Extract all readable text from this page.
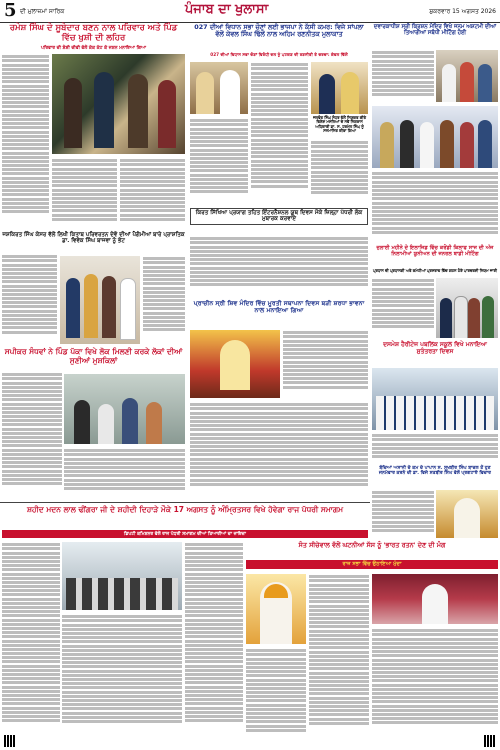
5 ਦੀ ਮੁਲਾਜ਼ਮਾਂ ਸਾਰਿਕ	ਪੰਜਾਬ ਦਾ ਖੁਲਾਸਾ	ਸ਼ੁਕਰਵਾਰ 15 ਅਗਸਤ 2026
ਰਮੇਸ਼ ਸਿੰਘ ਦੇ ਸੂਬੇਦਾਰ ਬਣਨ ਨਾਲ ਪਰਿਵਾਰ ਅਤੇ ਪਿੰਡ ਵਿੱਚ ਖੁਸ਼ੀ ਦੀ ਲਹਿਰ
ਪਰਿਵਾਰ ਦੀ ਸ਼ੋਸ਼ੀ ਦੀਵੀ ਵੱਲੋਂ ਕੇਕ ਕੱਟ ਕੇ ਜਸ਼ਨ ਮਨਾਇਆ ਗਿਆ
ਜਸ਼ਕਿਰਤ ਸਿੰਘ ਕੇਸਰ ਵੱਲੋਂ ਲਿਖੀ ਕਿਤਾਬ ਪਰਿਵਰਤਨ ਦੇਵੋ ਦੀਆਂ ਪੈਗੰਮੀਆਂ ਬਾਰੇ ਪ੍ਰਾਸ਼ਤਿਕ ਡਾ. ਵਿਵੇਕ ਸਿੰਘ ਬਾਜਵਾ ਨੂੰ ਭੇਟ
ਸਪੀਕਰ ਸੰਧਵਾਂ ਨੇ ਪਿੰਡ ਪੱਕਾ ਵਿਖੇ ਲੋਕ ਮਿਲਣੀ ਕਰਕੇ ਲੋਕਾਂ ਦੀਆਂ ਸੁਣੀਆਂ ਮੁਸ਼ਕਿਲਾਂ
027 ਦੀਆਂ ਵਿਧਾਨ ਸਭਾ ਚੋਣਾਂ ਲਈ ਭਾਜਪਾ ਨੇ ਕੱਸੀ ਕਮਰ: ਵਿਜੇ ਸਾਂਪਲਾ ਵੱਲੋਂ ਕੇਵਲ ਸਿੰਘ ਢਿੱਲੋਂ ਨਾਲ ਅਹਿਮ ਰਣਨੀਤਕ ਮੁਲਾਕਾਤ
027 ਦੀਆਂ ਵਿਧਾਨ ਸਭਾ ਚੋਣਾਂ ਵਿਰੋਧੀ ਦਲ ਨੂੰ ਪਟਕਣ ਦੀ ਰਣਨੀਤੀ ਤੇ ਚਰਚਾ: ਕੇਵਲ ਢਿੱਲੋਂ
ਜਲਵੰਤ ਸਿੰਘ ਸੰਧਰ ਵੱਲੋਂ ਨਿਯੁਕਤ ਕੀਤੇ ਵਿਸ਼ੇਸ਼ ਮਸਲਿਆਂ ਦੇ ਨਵੇਂ ਨਿਗਰਾਨ ਅਧਿਕਾਰੀ ਡਾ. ਸ. ਹਰਮੇਲ ਸਿੰਘ ਨੂੰ ਸਨਮਾਨਿਤ ਕੀਤਾ ਗਿਆ
ਕਿਰਤ ਸਿੱਖਿਆ ਪ੍ਰਯਾਗ ਤਹਿਤ ਇੰਟਰਨੈਸ਼ਨਲ ਯੂਥ ਦਿਵਸ ਮੌਕੇ ਜ਼ਿਲ੍ਹਾ ਪੱਧਰੀ ਲੋਕ ਮੁਬਾਰਕ ਕਰਵਾਏ
ਪ੍ਰਾਚੀਨ ਸ੍ਰੀ ਸ਼ਿਵ ਮੰਦਿਰ ਵਿੱਚ ਮੂਰਤੀ ਸਥਾਪਨਾ ਦਿਵਸ ਬੜੀ ਸ਼ਰਧਾ ਭਾਵਨਾ ਨਾਲ ਮਨਾਇਆ ਗਿਆ
ਦਵਾਰਕਾਧੀਸ਼ ਸ੍ਰੀ ਕ੍ਰਿਸ਼ਨ ਮੰਦਿਰ ਵਿਖੇ ਜਨਮ ਅਸ਼ਟਮੀ ਦੀਆਂ ਤਿਆਰੀਆਂ ਸਬੰਧੀ ਮੀਟਿੰਗ ਹੋਈ
ਜੁਲਾਈ ਮਹੀਨੇ ਦੇ ਇਲਾਜਿਡ ਵਿੱਚ ਕਰੋਂਡੀ ਕਿਲਾਫ ਸਾਜ ਦੀ ਅੱਜ ਨਿਲਾਮੀਆਂ ਯੂਨੀਅਨ ਦੀ ਜਨਰਲ ਬਾਡੀ ਮੀਟਿੰਗ
ਪ੍ਰਧਾਨ ਦੀ ਪ੍ਰਧਾਨਗੀ ਅਤੇ ਕਮੇਟੀਆਂ ਪ੍ਰਸਤਾਵ ਵਿੱਚ ਗਠਨ ਹੋਏ ਪਾਰਦਰਸ਼ੀ ਨਿਯਮ ਜਾਰੀ
ਦਸਮੇਸ਼ ਹੈਰੀਟੇਜ ਪਬਲਿਕ ਸਕੂਲ ਵਿਖੇ ਮਨਾਇਆ ਸੁਤੰਤਰਤਾ ਦਿਵਸ
ਬੱਚਿਆਂ ਅਸਾਨੀ ਦੇ ਕਮ ਦੇ ਪਾਪਾਨ ਸ. ਸੁਖਬੀਰ ਸਿੰਘ ਬਾਦਲ ਤੋਂ ਹੁਣ ਜਨਮੇਵਾਰ ਕਰਨੇ ਦੀ ਡਾ. ਵਿਜੇ ਸਤਬੀਰ ਸਿੰਘ ਵੱਲੋਂ ਪ੍ਰਗਟਾਏ ਵਿਚਾਰ
ਸ਼ਹੀਦ ਮਦਨ ਲਾਲ ਢੀਂਗਰਾ ਜੀ ਦੇ ਸ਼ਹੀਦੀ ਦਿਹਾੜੇ ਮੌਕੇ 17 ਅਗਸਤ ਨੂੰ ਅੰਮ੍ਰਿਤਸਰ ਵਿਖੇ ਹੋਵੇਗਾ ਰਾਜ ਪੱਧਰੀ ਸਮਾਗਮ
ਡਿਪਟੀ ਕਮਿਸ਼ਨਰ ਵੱਲੋਂ ਰਾਜ ਪੱਧਰੀ ਸਮਾਗਮ ਦੀਆਂ ਤਿਆਰੀਆਂ ਦਾ ਜਾਇਜ਼ਾ
ਸੰਤ ਸੀਚੇਵਾਲ ਵੱਲੋਂ ਘਟਨੀਆਂ ਸੱਸ ਨੂੰ 'ਭਾਰਤ ਰਤਨ' ਦੇਣ ਦੀ ਮੰਗ
ਰਾਜ ਸਭਾ ਵਿੱਚ ਉਠਾਇਆ ਮੁੱਦਾ
